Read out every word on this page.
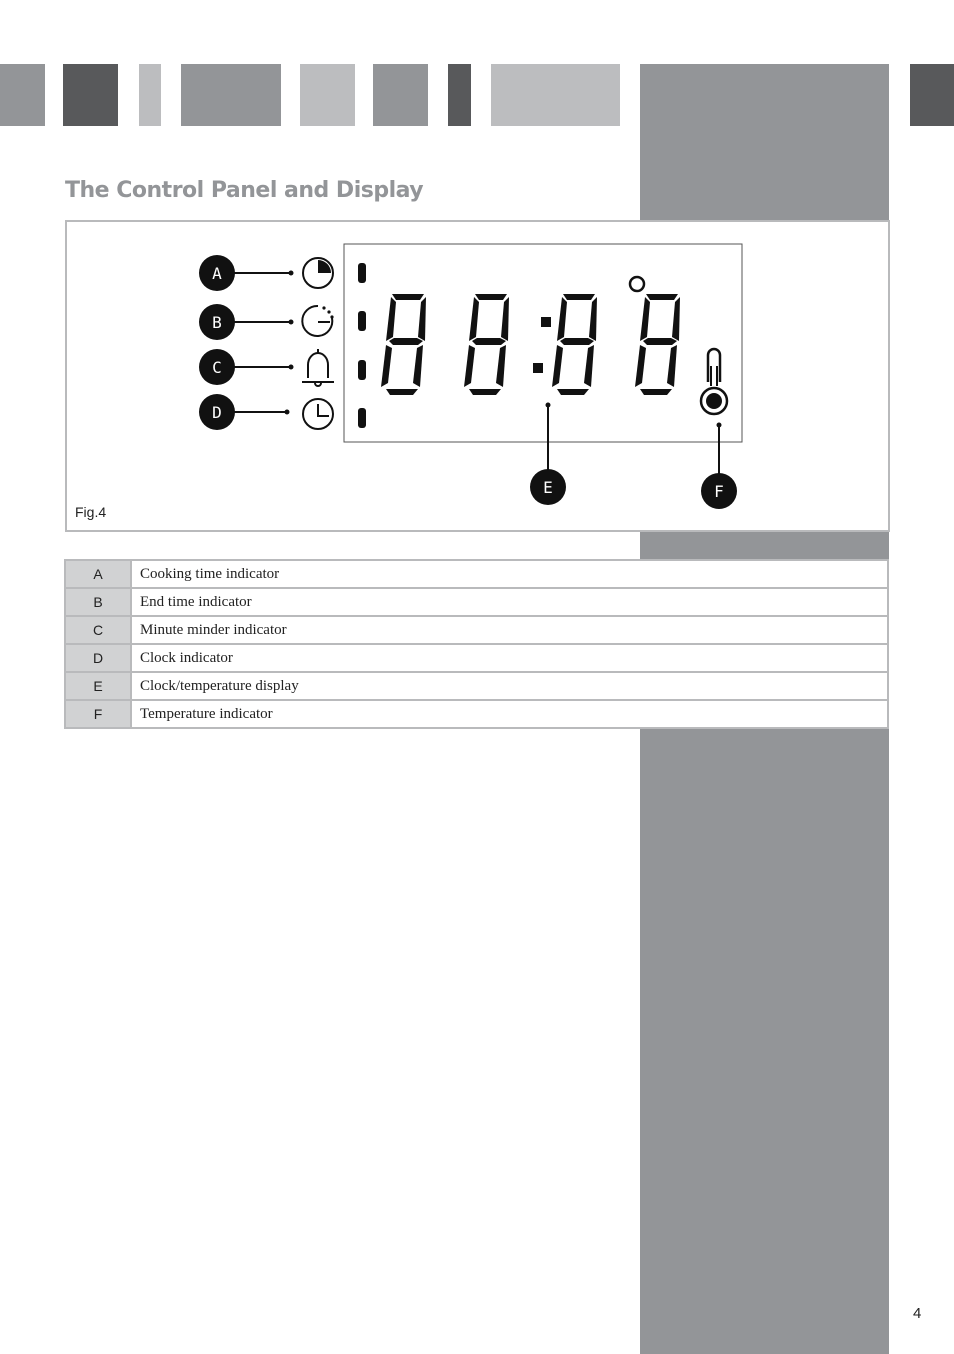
The Control Panel and Display
A
B
C
D
E	F
Fig.4
A	Cooking time indicator
B	End time indicator
C	Minute minder indicator
D	Clock indicator
E	Clock/temperature display
F	Temperature indicator
4
